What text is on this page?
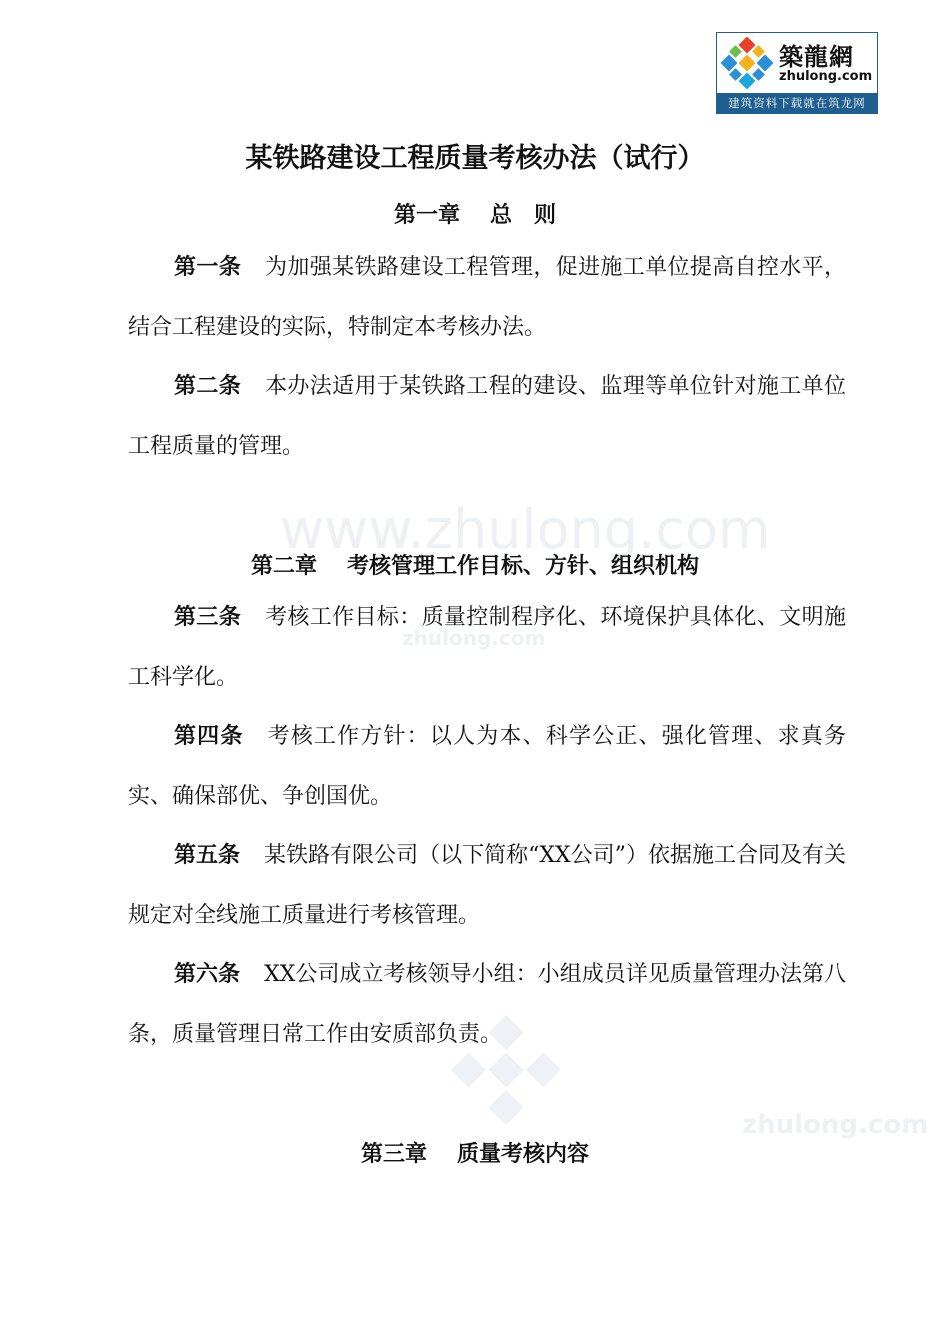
築龍網
zhulong.com
建筑资料下载就在筑龙网
www.zhulong.com
zhulong.com
zhulong.com
某铁路建设工程质量考核办法（试行）
第一章 总　则
第一条 为加强某铁路建设工程管理，促进施工单位提高自控水平，结合工程建设的实际，特制定本考核办法。
第二条 本办法适用于某铁路工程的建设、监理等单位针对施工单位工程质量的管理。
第二章 考核管理工作目标、方针、组织机构
第三条 考核工作目标：质量控制程序化、环境保护具体化、文明施工科学化。
第四条 考核工作方针：以人为本、科学公正、强化管理、求真务实、确保部优、争创国优。
第五条 某铁路有限公司（以下简称“XX公司”）依据施工合同及有关规定对全线施工质量进行考核管理。
第六条 XX公司成立考核领导小组：小组成员详见质量管理办法第八条，质量管理日常工作由安质部负责。
第三章 质量考核内容
